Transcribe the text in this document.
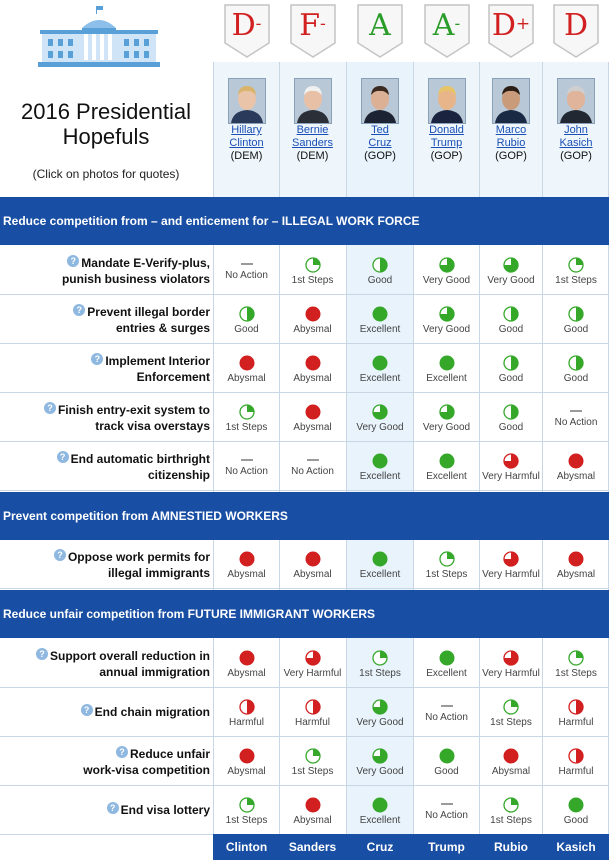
2016 Presidential
Hopefuls
(Click on photos for quotes)
D-
Hillary
Clinton
(DEM)
F-
Bernie
Sanders
(DEM)
A
Ted
Cruz
(GOP)
A-
Donald
Trump
(GOP)
D+
Marco
Rubio
(GOP)
D
John
Kasich
(GOP)
Reduce competition from – and enticement for – ILLEGAL WORK FORCE
? Mandate E-Verify-plus,
punish business violators	No Action	1st Steps	Good	Very Good	Very Good	1st Steps
? Prevent illegal border
entries & surges	Good	Abysmal	Excellent	Very Good	Good	Good
? Implement Interior
Enforcement	Abysmal	Abysmal	Excellent	Excellent	Good	Good
? Finish entry-exit system to
track visa overstays	1st Steps	Abysmal	Very Good	Very Good	Good	No Action
? End automatic birthright
citizenship	No Action	No Action	Excellent	Excellent	Very Harmful	Abysmal
Prevent competition from AMNESTIED WORKERS
? Oppose work permits for
illegal immigrants	Abysmal	Abysmal	Excellent	1st Steps	Very Harmful	Abysmal
Reduce unfair competition from FUTURE IMMIGRANT WORKERS
? Support overall reduction in
annual immigration	Abysmal	Very Harmful	1st Steps	Excellent	Very Harmful	1st Steps
? End chain migration
Harmful	Harmful	Very Good	No Action	1st Steps	Harmful
? Reduce unfair
work-visa competition	Abysmal	1st Steps	Very Good	Good	Abysmal	Harmful
? End visa lottery
1st Steps	Abysmal	Excellent	No Action	1st Steps	Good
Clinton	Sanders	Cruz	Trump	Rubio	Kasich
